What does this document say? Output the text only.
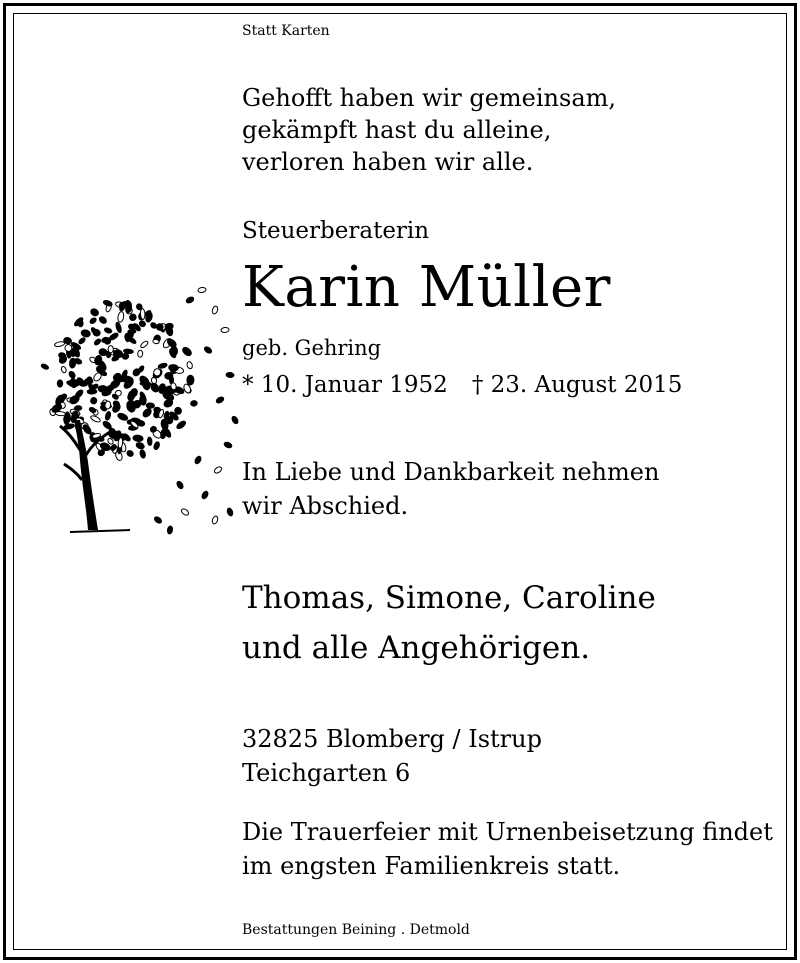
Statt Karten
Gehofft haben wir gemeinsam,
gekämpft hast du alleine,
verloren haben wir alle.
Steuerberaterin
Karin Müller
geb. Gehring
* 10. Januar 1952 † 23. August 2015
In Liebe und Dankbarkeit nehmen
wir Abschied.
Thomas, Simone, Caroline
und alle Angehörigen.
32825 Blomberg / Istrup
Teichgarten 6
Die Trauerfeier mit Urnenbeisetzung findet
im engsten Familienkreis statt.
Bestattungen Beining . Detmold
